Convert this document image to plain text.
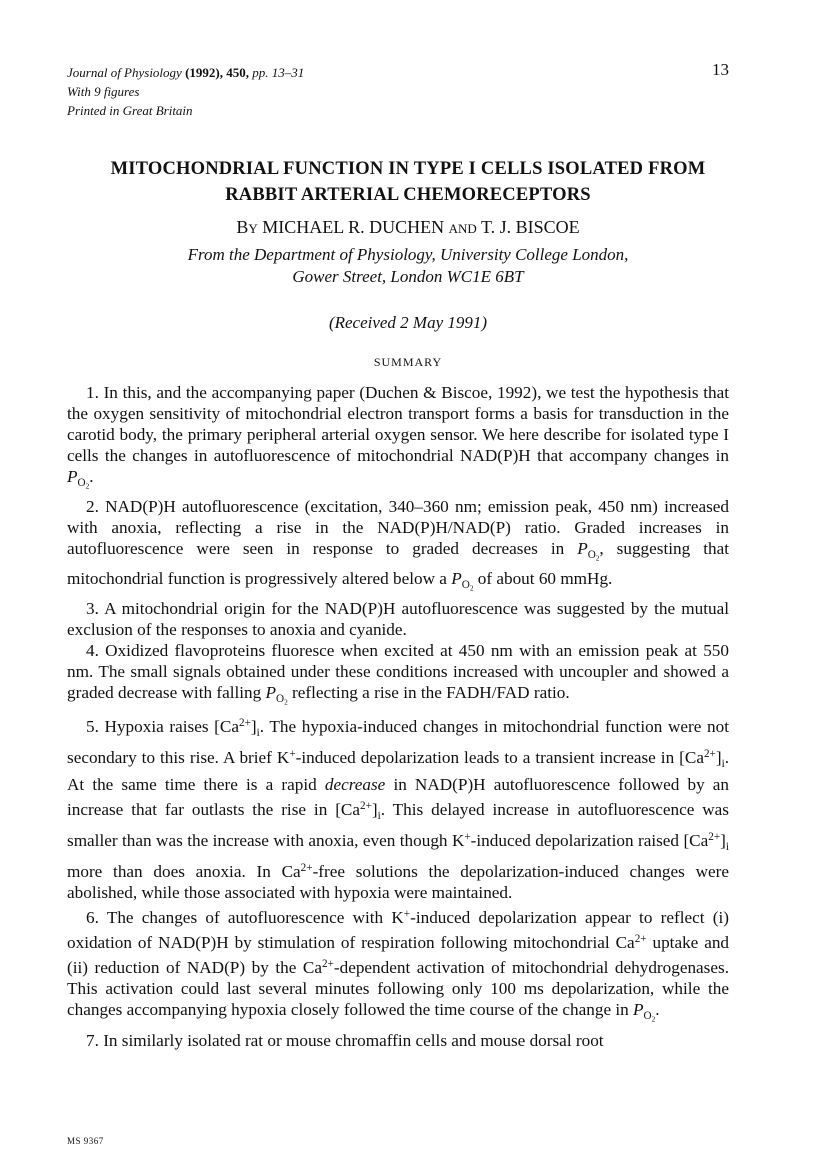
Journal of Physiology (1992), 450, pp. 13–31
With 9 figures
Printed in Great Britain
13
MITOCHONDRIAL FUNCTION IN TYPE I CELLS ISOLATED FROM
RABBIT ARTERIAL CHEMORECEPTORS
By MICHAEL R. DUCHEN and T. J. BISCOE
From the Department of Physiology, University College London,
Gower Street, London WC1E 6BT
(Received 2 May 1991)
SUMMARY

1. In this, and the accompanying paper (Duchen & Biscoe, 1992), we test the hypothesis that the oxygen sensitivity of mitochondrial electron transport forms a basis for transduction in the carotid body, the primary peripheral arterial oxygen sensor. We here describe for isolated type I cells the changes in autofluorescence of mitochondrial NAD(P)H that accompany changes in $P_{O_2}$.

2. NAD(P)H autofluorescence (excitation, 340–360 nm; emission peak, 450 nm) increased with anoxia, reflecting a rise in the NAD(P)H/NAD(P) ratio. Graded increases in autofluorescence were seen in response to graded decreases in $P_{O_2}$, suggesting that mitochondrial function is progressively altered below a $P_{O_2}$ of about 60 mmHg.

3. A mitochondrial origin for the NAD(P)H autofluorescence was suggested by the mutual exclusion of the responses to anoxia and cyanide.

4. Oxidized flavoproteins fluoresce when excited at 450 nm with an emission peak at 550 nm. The small signals obtained under these conditions increased with uncoupler and showed a graded decrease with falling $P_{O_2}$ reflecting a rise in the FADH/FAD ratio.

5. Hypoxia raises $[Ca^{2+}]_i$. The hypoxia-induced changes in mitochondrial function were not secondary to this rise. A brief K+-induced depolarization leads to a transient increase in $[Ca^{2+}]_i$. At the same time there is a rapid decrease in NAD(P)H autofluorescence followed by an increase that far outlasts the rise in $[Ca^{2+}]_i$. This delayed increase in autofluorescence was smaller than was the increase with anoxia, even though K+-induced depolarization raised $[Ca^{2+}]_i$ more than does anoxia. In $Ca^{2+}$-free solutions the depolarization-induced changes were abolished, while those associated with hypoxia were maintained.

6. The changes of autofluorescence with K+-induced depolarization appear to reflect (i) oxidation of NAD(P)H by stimulation of respiration following mitochondrial $Ca^{2+}$ uptake and (ii) reduction of NAD(P) by the $Ca^{2+}$-dependent activation of mitochondrial dehydrogenases. This activation could last several minutes following only 100 ms depolarization, while the changes accompanying hypoxia closely followed the time course of the change in $P_{O_2}$.

7. In similarly isolated rat or mouse chromaffin cells and mouse dorsal root

MS 9367
